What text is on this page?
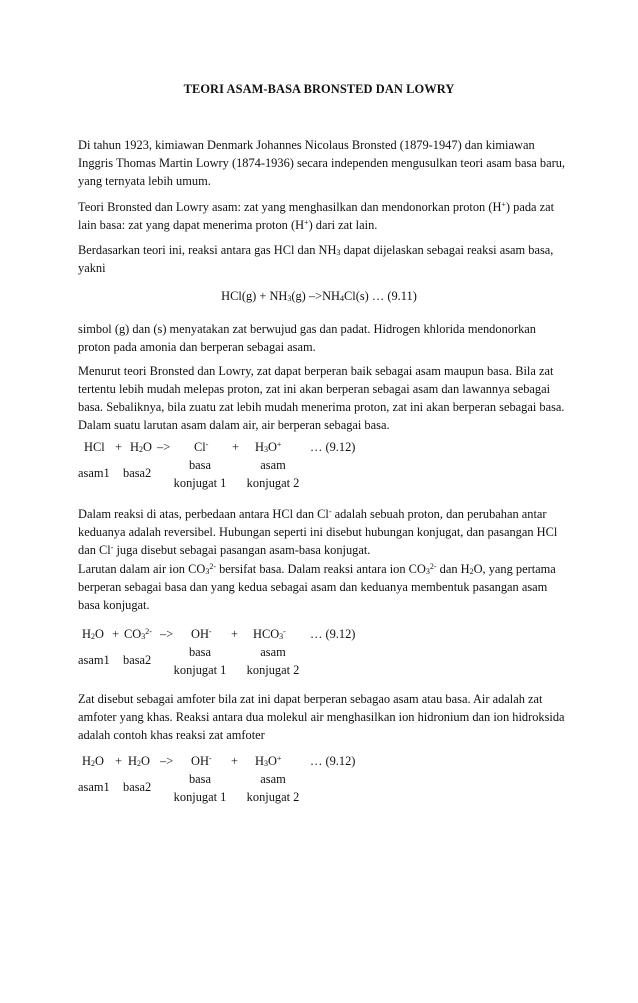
TEORI ASAM-BASA BRONSTED DAN LOWRY

Di tahun 1923, kimiawan Denmark Johannes Nicolaus Bronsted (1879-1947) dan kimiawan Inggris Thomas Martin Lowry (1874-1936) secara independen mengusulkan teori asam basa baru, yang ternyata lebih umum.

Teori Bronsted dan Lowry asam: zat yang menghasilkan dan mendonorkan proton (H+) pada zat lain basa: zat yang dapat menerima proton (H+) dari zat lain.

Berdasarkan teori ini, reaksi antara gas HCl dan $NH_3$ dapat dijelaskan sebagai reaksi asam basa, yakni

$HCl(g) + NH_3(g)$ $->NH_4Cl(s)$ … (9.11)

simbol (g) dan (s) menyatakan zat berwujud gas dan padat. Hidrogen khlorida mendonorkan proton pada amonia dan berperan sebagai asam.

Menurut teori Bronsted dan Lowry, zat dapat berperan baik sebagai asam maupun basa. Bila zat tertentu lebih mudah melepas proton, zat ini akan berperan sebagai asam dan lawannya sebagai basa. Sebaliknya, bila zuatu zat lebih mudah menerima proton, zat ini akan berperan sebagai basa. Dalam suatu larutan asam dalam air, air berperan sebagai basa.

HCl + $H_2O -> Cl^- + H_3O^+$ … (9.12)
asam1 basa2
basa
konjugat 1
asam
konjugat 2

Dalam reaksi di atas, perbedaan antara HCl dan Cl- adalah sebuah proton, dan perubahan antar keduanya adalah reversibel. Hubungan seperti ini disebut hubungan konjugat, dan pasangan HCl dan Cl- juga disebut sebagai pasangan asam-basa konjugat.

Larutan dalam air ion $CO_3^{2-}$ bersifat basa. Dalam reaksi antara ion $CO_3^{2-}$ dan $H_2O$, yang pertama berperan sebagai basa dan yang kedua sebagai asam dan keduanya membentuk pasangan asam basa konjugat.

$H_2O + CO_3^{2-} -> OH^- + HCO_3^-$ … (9.12)
asam1 basa2
basa
konjugat 1
asam
konjugat 2

Zat disebut sebagai amfoter bila zat ini dapat berperan sebagao asam atau basa. Air adalah zat amfoter yang khas. Reaksi antara dua molekul air menghasilkan ion hidronium dan ion hidroksida adalah contoh khas reaksi zat amfoter

$H_2O + H_2O -> OH^- + H_3O^+$ … (9.12)
asam1 basa2
basa
konjugat 1
asam
konjugat 2
